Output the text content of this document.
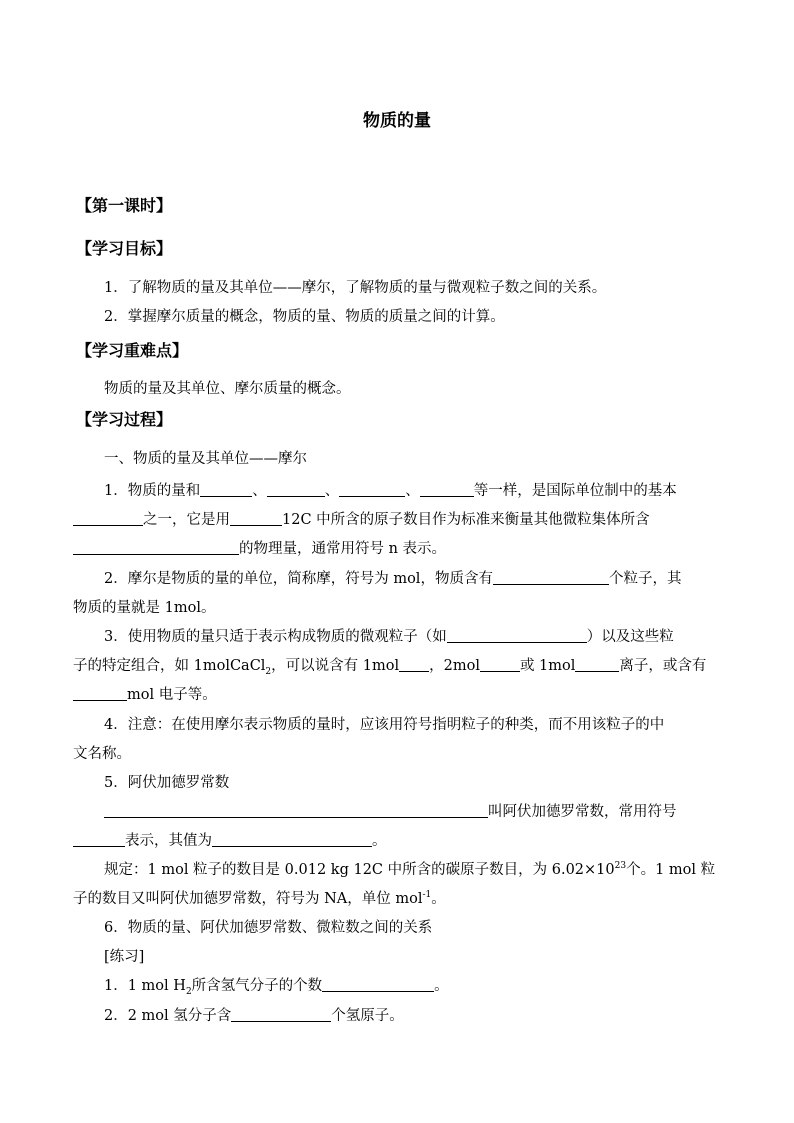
物质的量
【第一课时】
【学习目标】
1．了解物质的量及其单位——摩尔，了解物质的量与微观粒子数之间的关系。
2．掌握摩尔质量的概念，物质的量、物质的质量之间的计算。
【学习重难点】
物质的量及其单位、摩尔质量的概念。
【学习过程】
一、物质的量及其单位——摩尔
1．物质的量和	、	、	、	等一样，是国际单位制中的基本
之一，它是用	12C 中所含的原子数目作为标准来衡量其他微粒集体所含
的物理量，通常用符号 n 表示。
2．摩尔是物质的量的单位，简称摩，符号为 mol，物质含有	个粒子，其
物质的量就是 1mol。
3．使用物质的量只适于表示构成物质的微观粒子（如	）以及这些粒
子的特定组合，如 1molCaCl$_2$，可以说含有 1mol ，2mol	或 1mol	离子，或含有
mol 电子等。
4．注意：在使用摩尔表示物质的量时，应该用符号指明粒子的种类，而不用该粒子的中
文名称。
5．阿伏加德罗常数
叫阿伏加德罗常数，常用符号
表示，其值为	。
规定：1 mol 粒子的数目是 0.012 kg 12C 中所含的碳原子数目，为 $6.02\times 10^{23}$个。1 mol 粒
子的数目又叫阿伏加德罗常数，符号为 NA，单位 mol$^{-1}$。
6．物质的量、阿伏加德罗常数、微粒数之间的关系
[练习]
1．1 mol $H_2$所含氢气分子的个数	。
2．2 mol 氢分子含	个氢原子。
